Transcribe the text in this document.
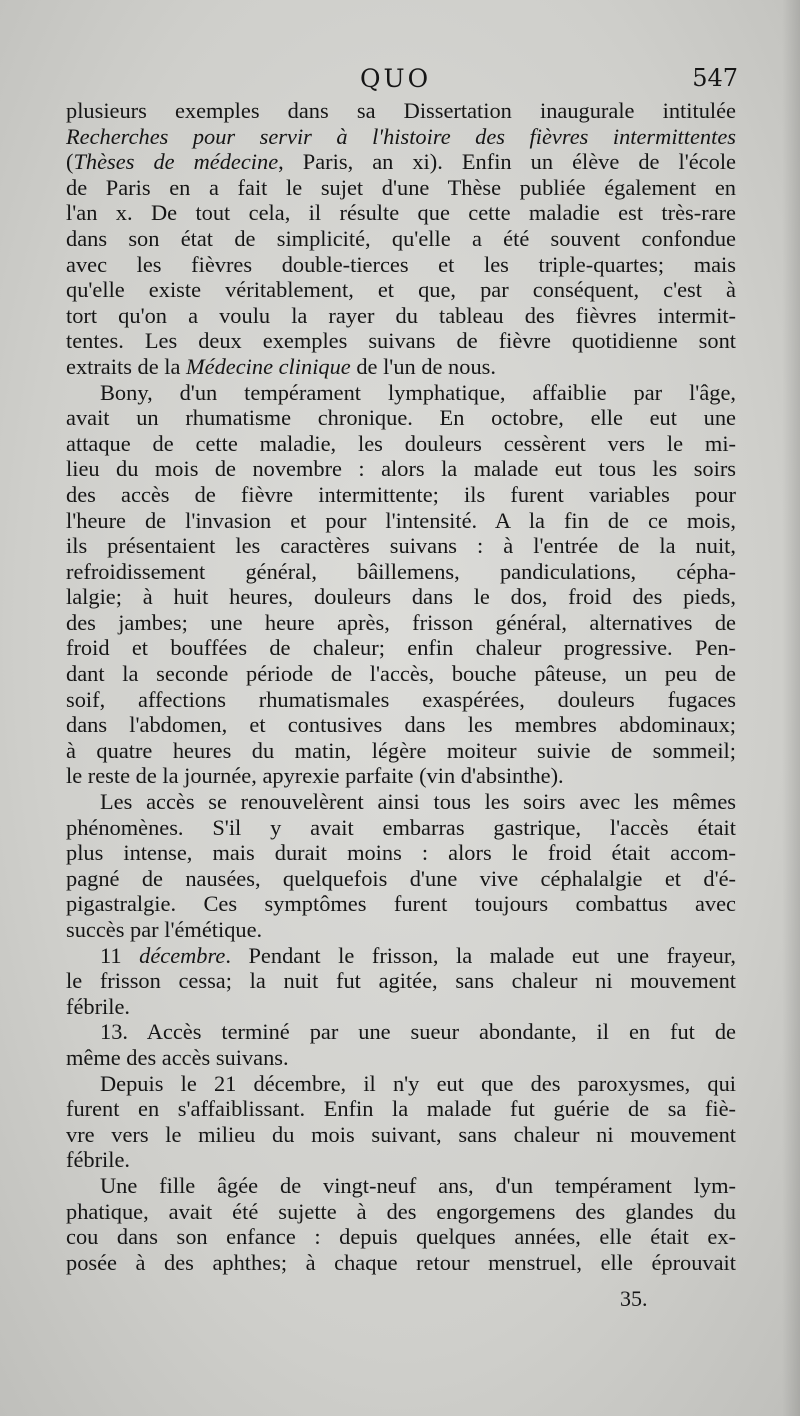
QUO	547
plusieurs exemples dans sa Dissertation inaugurale intitulée
Recherches pour servir à l'histoire des fièvres intermittentes
(Thèses de médecine, Paris, an xi). Enfin un élève de l'école
de Paris en a fait le sujet d'une Thèse publiée également en
l'an x. De tout cela, il résulte que cette maladie est très-rare
dans son état de simplicité, qu'elle a été souvent confondue
avec les fièvres double-tierces et les triple-quartes; mais
qu'elle existe véritablement, et que, par conséquent, c'est à
tort qu'on a voulu la rayer du tableau des fièvres intermit-
tentes. Les deux exemples suivans de fièvre quotidienne sont
extraits de la Médecine clinique de l'un de nous.
Bony, d'un tempérament lymphatique, affaiblie par l'âge,
avait un rhumatisme chronique. En octobre, elle eut une
attaque de cette maladie, les douleurs cessèrent vers le mi-
lieu du mois de novembre : alors la malade eut tous les soirs
des accès de fièvre intermittente; ils furent variables pour
l'heure de l'invasion et pour l'intensité. A la fin de ce mois,
ils présentaient les caractères suivans : à l'entrée de la nuit,
refroidissement général, bâillemens, pandiculations, cépha-
lalgie; à huit heures, douleurs dans le dos, froid des pieds,
des jambes; une heure après, frisson général, alternatives de
froid et bouffées de chaleur; enfin chaleur progressive. Pen-
dant la seconde période de l'accès, bouche pâteuse, un peu de
soif, affections rhumatismales exaspérées, douleurs fugaces
dans l'abdomen, et contusives dans les membres abdominaux;
à quatre heures du matin, légère moiteur suivie de sommeil;
le reste de la journée, apyrexie parfaite (vin d'absinthe).
Les accès se renouvelèrent ainsi tous les soirs avec les mêmes
phénomènes. S'il y avait embarras gastrique, l'accès était
plus intense, mais durait moins : alors le froid était accom-
pagné de nausées, quelquefois d'une vive céphalalgie et d'é-
pigastralgie. Ces symptômes furent toujours combattus avec
succès par l'émétique.
11 décembre. Pendant le frisson, la malade eut une frayeur,
le frisson cessa; la nuit fut agitée, sans chaleur ni mouvement
fébrile.
13. Accès terminé par une sueur abondante, il en fut de
même des accès suivans.
Depuis le 21 décembre, il n'y eut que des paroxysmes, qui
furent en s'affaiblissant. Enfin la malade fut guérie de sa fiè-
vre vers le milieu du mois suivant, sans chaleur ni mouvement
fébrile.
Une fille âgée de vingt-neuf ans, d'un tempérament lym-
phatique, avait été sujette à des engorgemens des glandes du
cou dans son enfance : depuis quelques années, elle était ex-
posée à des aphthes; à chaque retour menstruel, elle éprouvait
35.
